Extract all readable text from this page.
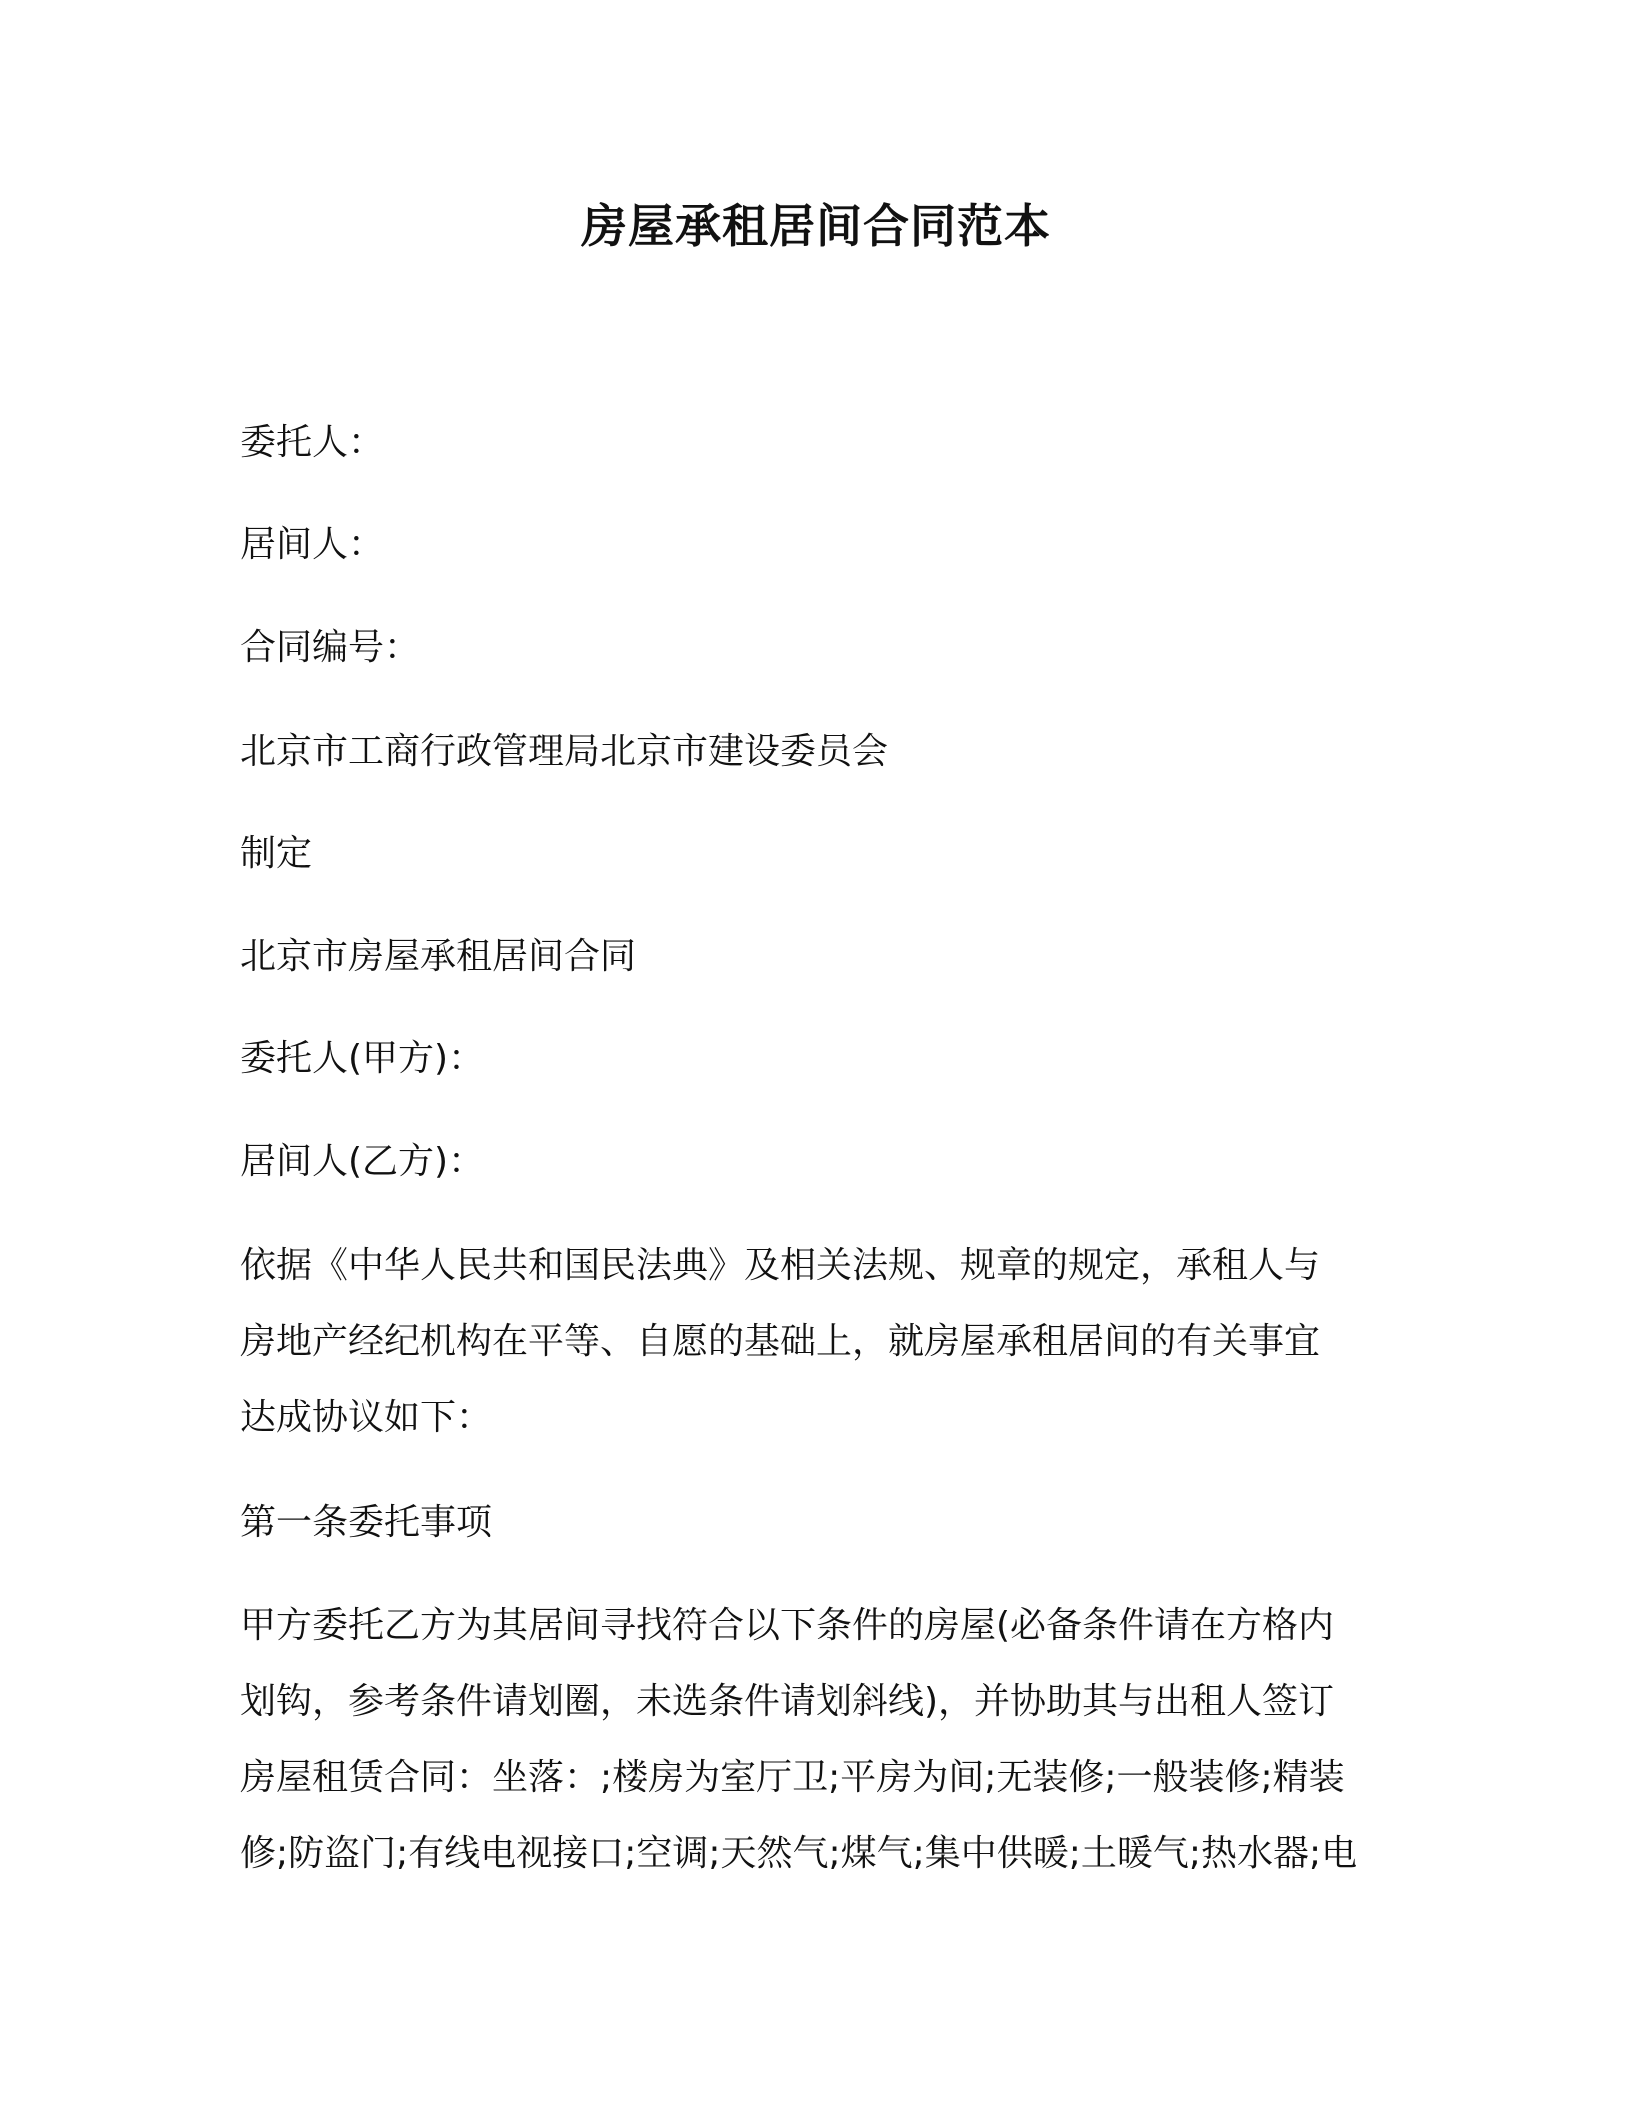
房屋承租居间合同范本
委托人：
居间人：
合同编号：
北京市工商行政管理局北京市建设委员会
制定
北京市房屋承租居间合同
委托人(甲方)：
居间人(乙方)：
依据《中华人民共和国民法典》及相关法规、规章的规定，承租人与
房地产经纪机构在平等、自愿的基础上，就房屋承租居间的有关事宜
达成协议如下：
第一条委托事项
甲方委托乙方为其居间寻找符合以下条件的房屋(必备条件请在方格内
划钩，参考条件请划圈，未选条件请划斜线)，并协助其与出租人签订
房屋租赁合同：坐落：;楼房为室厅卫;平房为间;无装修;一般装修;精装
修;防盗门;有线电视接口;空调;天然气;煤气;集中供暖;土暖气;热水器;电
